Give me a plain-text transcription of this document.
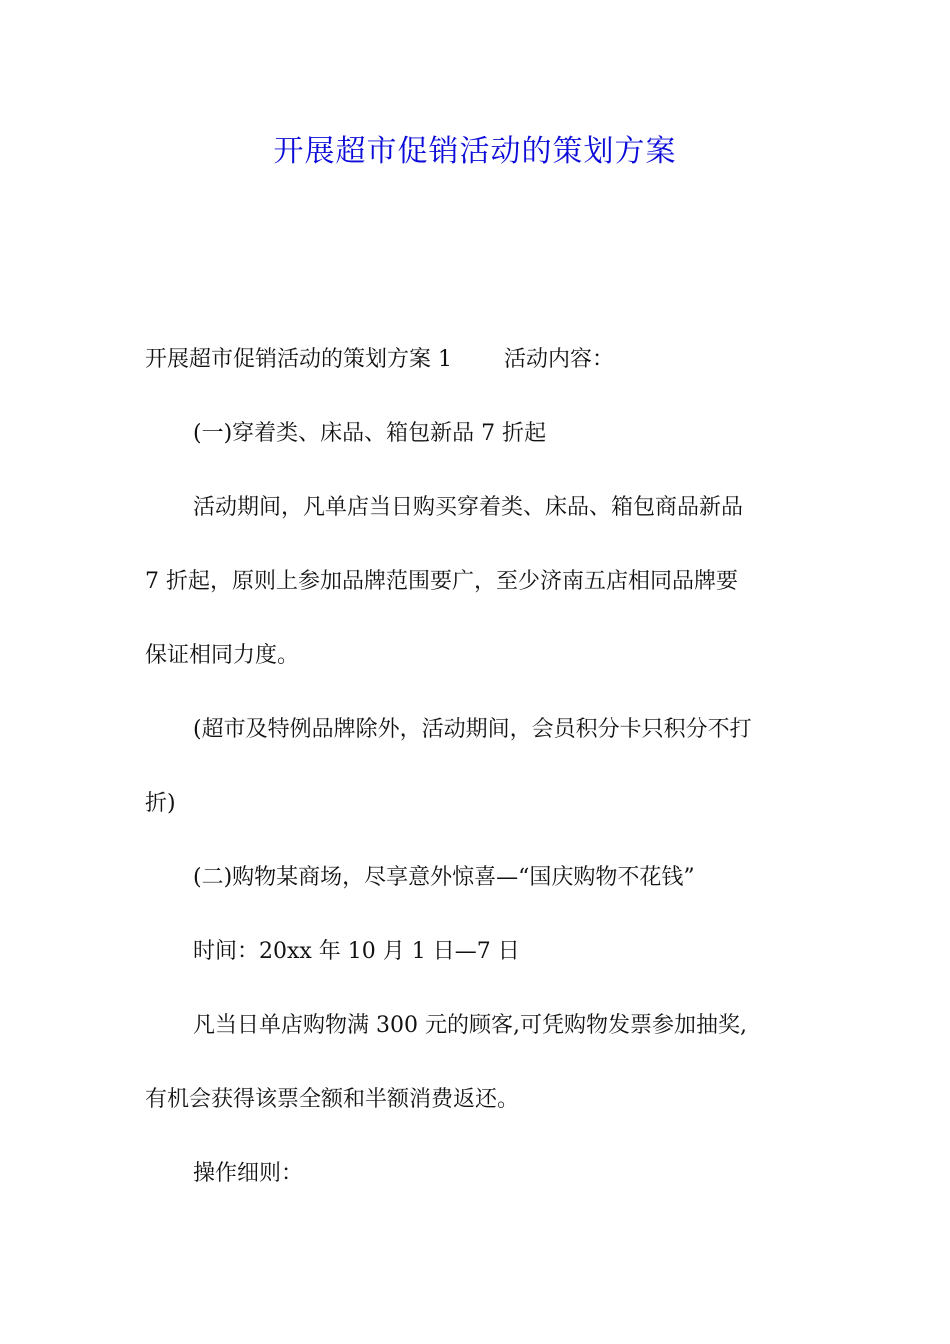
开展超市促销活动的策划方案

开展超市促销活动的策划方案 1 活动内容：

(一)穿着类、床品、箱包新品 7 折起

活动期间，凡单店当日购买穿着类、床品、箱包商品新品

7 折起，原则上参加品牌范围要广，至少济南五店相同品牌要

保证相同力度。

(超市及特例品牌除外，活动期间，会员积分卡只积分不打

折)

(二)购物某商场，尽享意外惊喜—“国庆购物不花钱”

时间：20xx 年 10 月 1 日—7 日

凡当日单店购物满 300 元的顾客,可凭购物发票参加抽奖,

有机会获得该票全额和半额消费返还。

操作细则：
